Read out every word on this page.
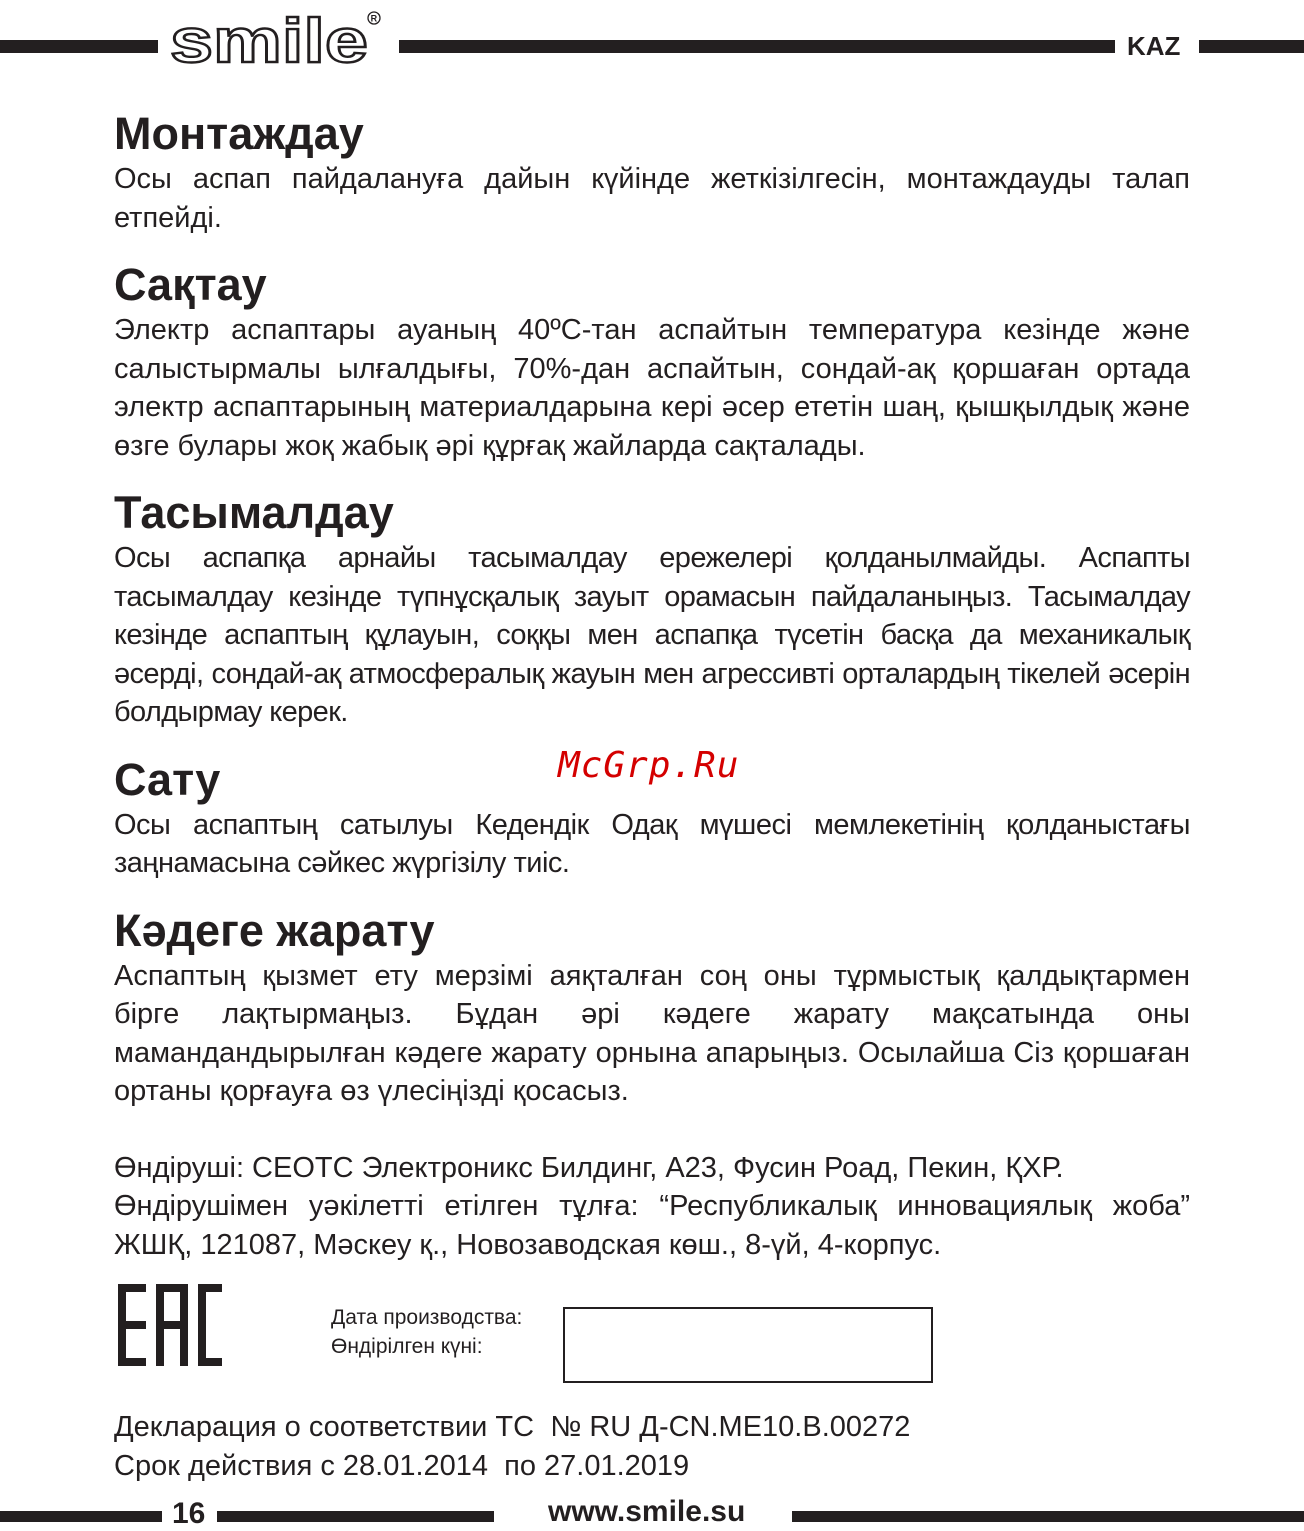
smile R
KAZ
Монтаждау

Осы аспап пайдалануға дайын күйінде жеткізілгесін, монтаждауды талап етпейді.

Сақтау

Электр аспаптары ауаның 40ºС-тан аспайтын температура кезінде және салыстырмалы ылғалдығы, 70%-дан аспайтын, сондай-ақ қоршаған ортада электр аспаптарының материалдарына кері әсер ететін шаң, қышқылдық және өзге булары жоқ жабық әрі құрғақ жайларда сақталады.

Тасымалдау

Осы аспапқа арнайы тасымалдау ережелері қолданылмайды. Аспапты тасымалдау кезінде түпнұсқалық зауыт орамасын пайдаланыңыз. Тасымалдау кезінде аспаптың құлауын, соққы мен аспапқа түсетін басқа да механикалық әсерді, сондай-ақ атмосфералық жауын мен агрессивті орталардың тікелей әсерін болдырмау керек.

Сату

Осы аспаптың сатылуы Кедендік Одақ мүшесі мемлекетінің қолданыстағы заңнамасына сәйкес жүргізілу тиіс.

Кәдеге жарату

Аспаптың қызмет ету мерзімі аяқталған соң оны тұрмыстық қалдықтармен бірге лақтырмаңыз. Бұдан әрі кәдеге жарату мақсатында оны мамандандырылған кәдеге жарату орнына апарыңыз. Осылайша Сіз қоршаған ортаны қорғауға өз үлесіңізді қосасыз.

Өндіруші: СЕОТС Электроникс Билдинг, А23, Фусин Роад, Пекин, ҚХР.

Өндірушімен уәкілетті етілген тұлға: “Республикалық инновациялық жоба” ЖШҚ, 121087, Мәскеу қ., Новозаводская көш., 8-үй, 4-корпус.

McGrp.Ru
Дата производства:
Өндірілген күні:
Декларация о соответствии ТС  № RU Д-CN.МЕ10.В.00272
Срок действия с 28.01.2014  по 27.01.2019
16	www.smile.su
